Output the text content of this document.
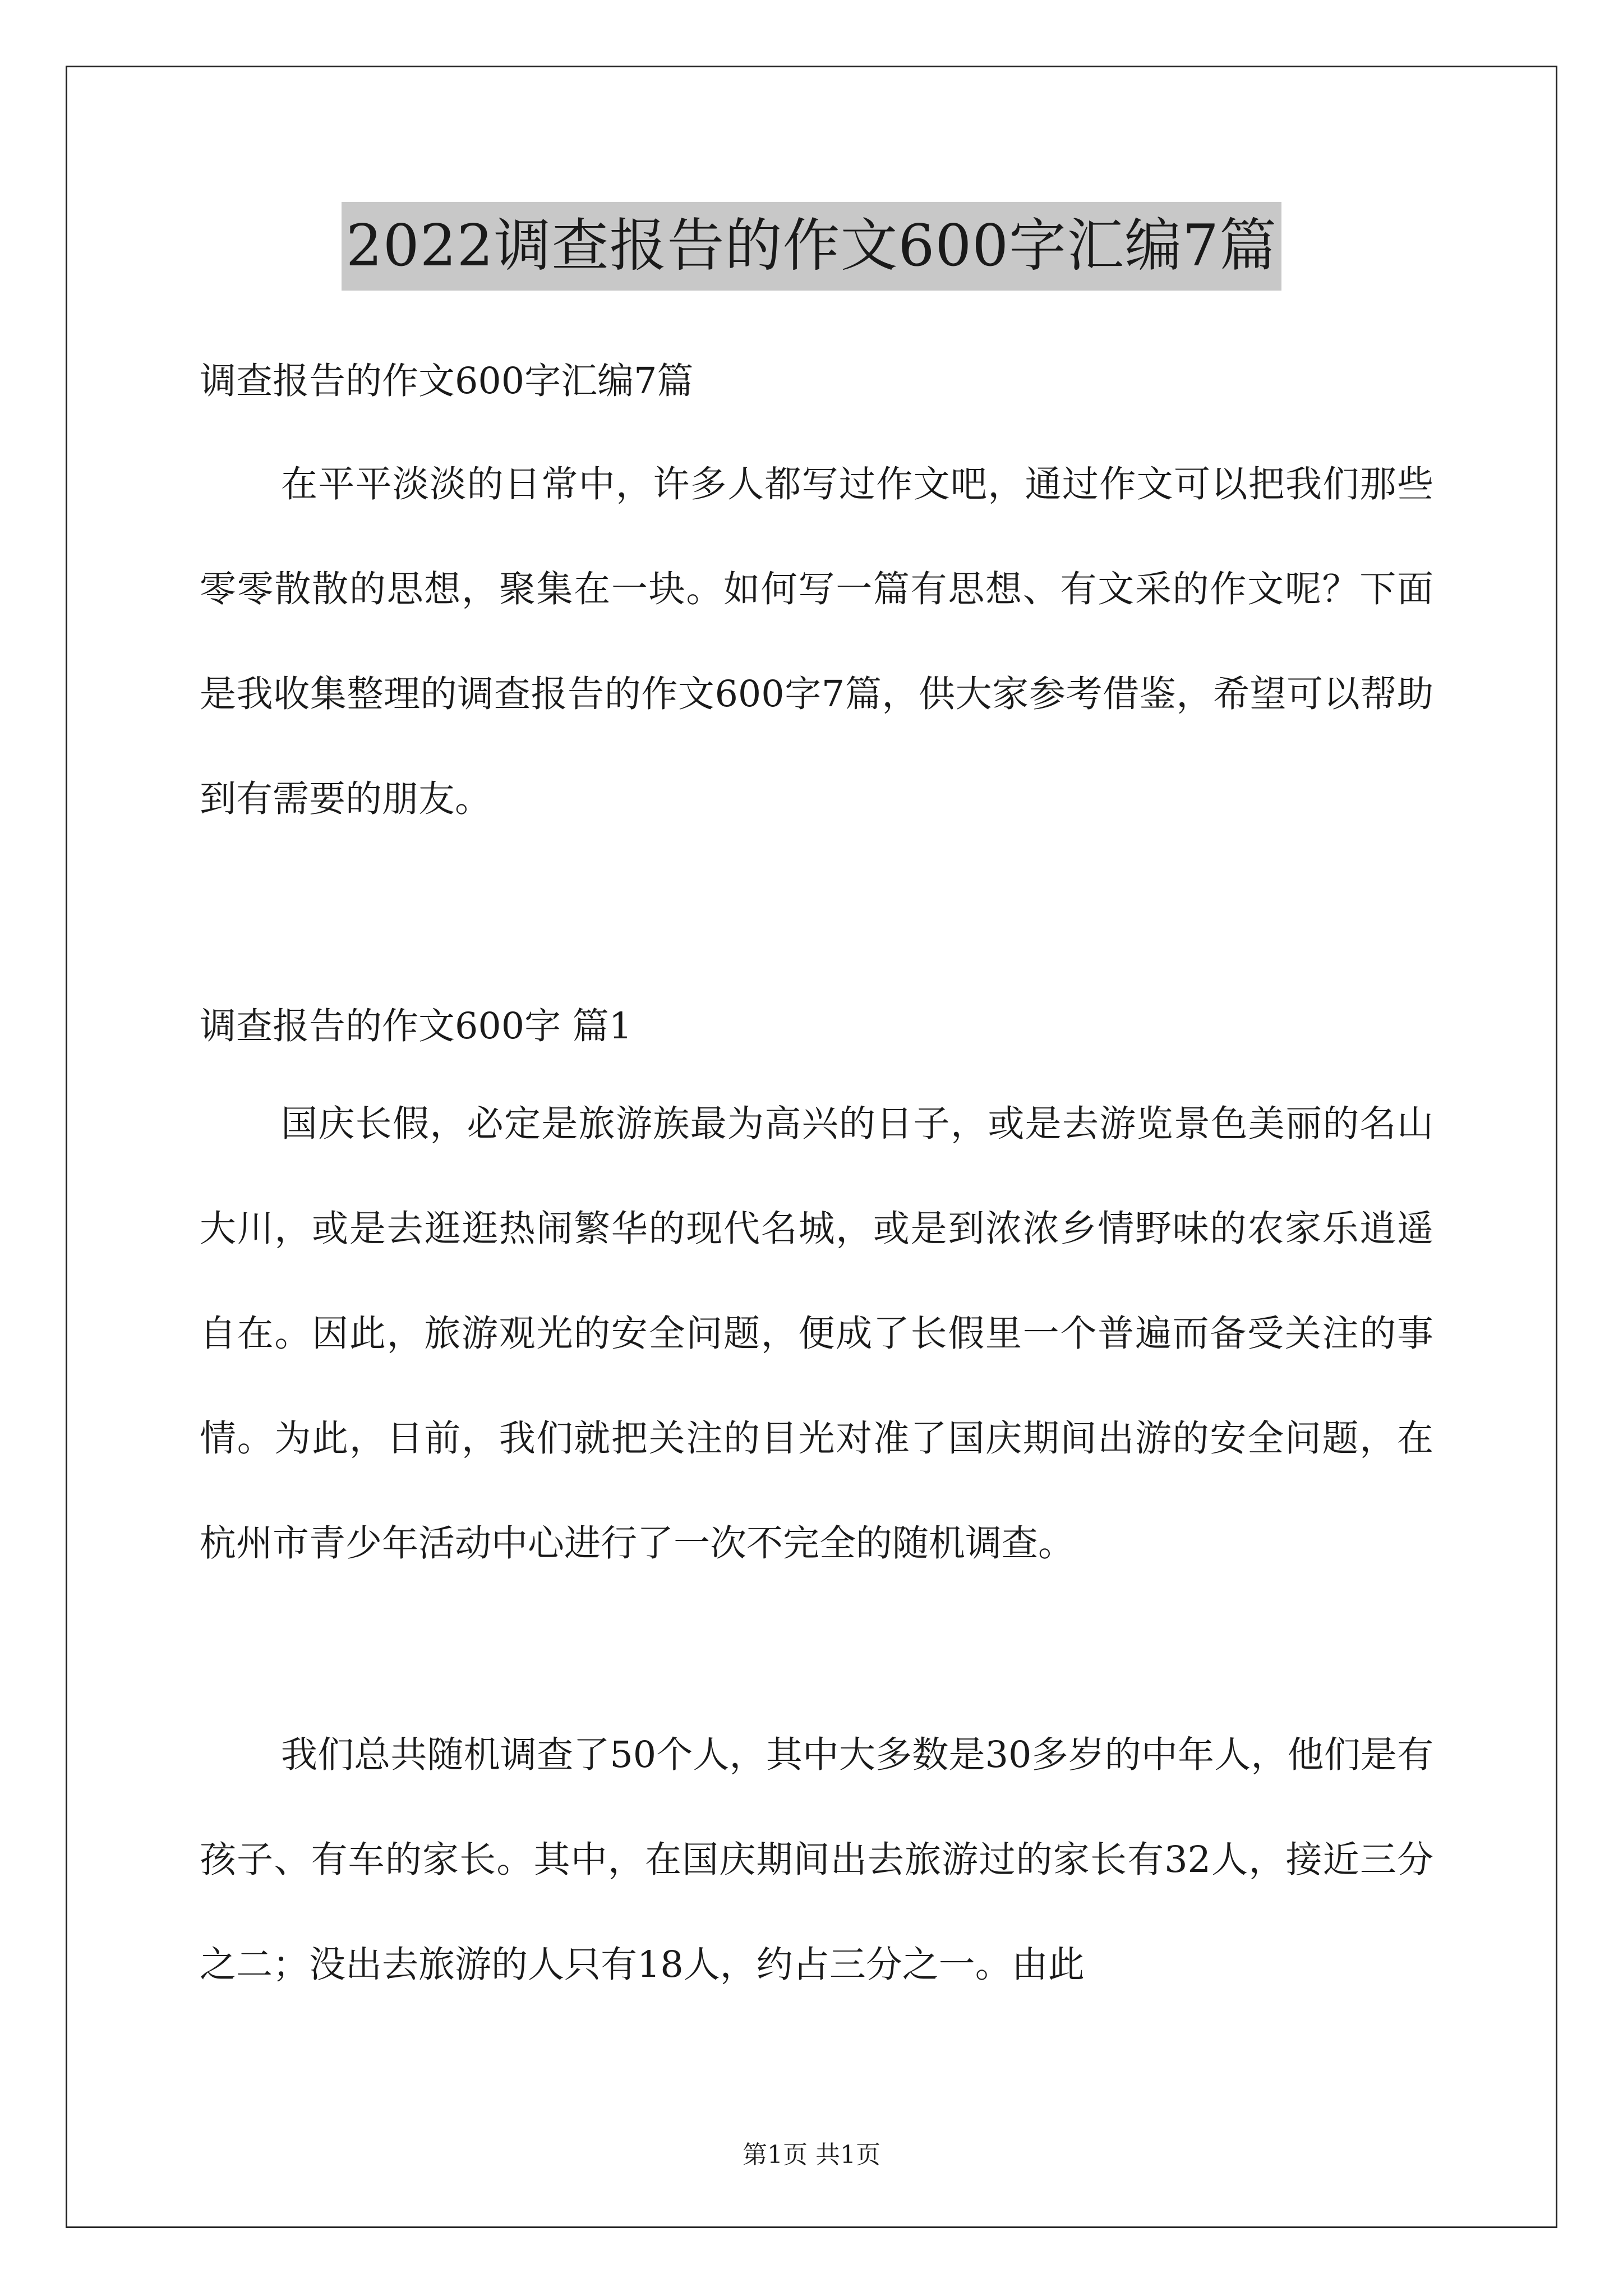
2022调查报告的作文600字汇编7篇
调查报告的作文600字汇编7篇

在平平淡淡的日常中，许多人都写过作文吧，通过作文可以把我们那些零零散散的思想，聚集在一块。如何写一篇有思想、有文采的作文呢？下面是我收集整理的调查报告的作文600字7篇，供大家参考借鉴，希望可以帮助到有需要的朋友。

调查报告的作文600字 篇1

国庆长假，必定是旅游族最为高兴的日子，或是去游览景色美丽的名山大川，或是去逛逛热闹繁华的现代名城，或是到浓浓乡情野味的农家乐逍遥自在。因此，旅游观光的安全问题，便成了长假里一个普遍而备受关注的事情。为此，日前，我们就把关注的目光对准了国庆期间出游的安全问题，在杭州市青少年活动中心进行了一次不完全的随机调查。

我们总共随机调查了50个人，其中大多数是30多岁的中年人，他们是有孩子、有车的家长。其中，在国庆期间出去旅游过的家长有32人，接近三分之二；没出去旅游的人只有18人，约占三分之一。由此

第1页 共1页
